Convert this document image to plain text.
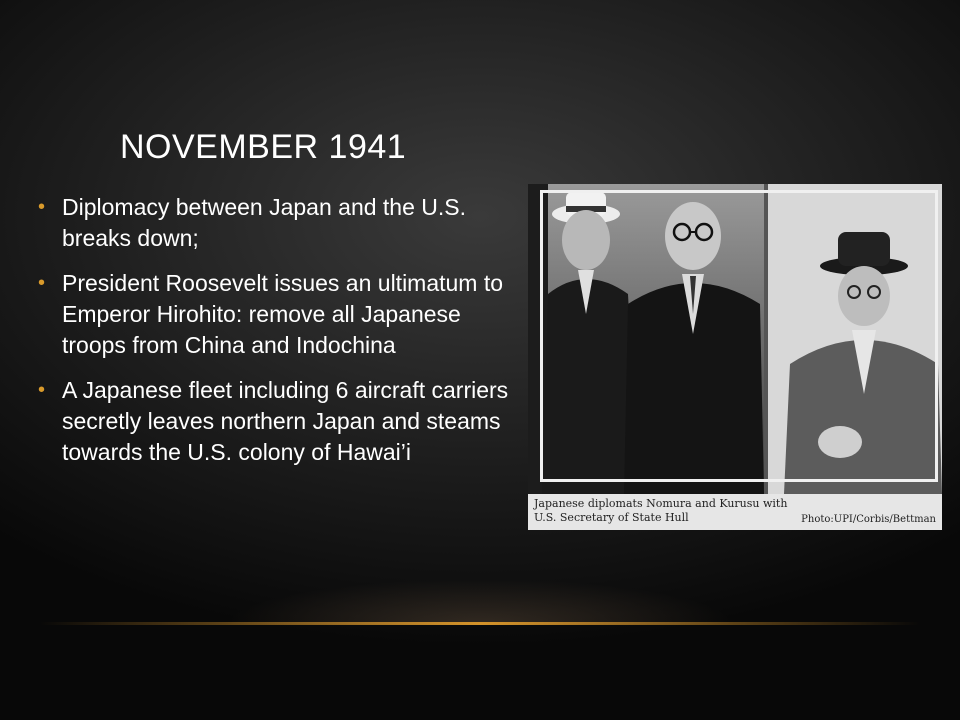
NOVEMBER 1941
• Diplomacy between Japan and the U.S. breaks down;
• President Roosevelt issues an ultimatum to Emperor Hirohito: remove all Japanese troops from China and Indochina
• A Japanese fleet including 6 aircraft carriers secretly leaves northern Japan and steams towards the U.S. colony of Hawai’i
Japanese diplomats Nomura and Kurusu with
U.S. Secretary of State Hull	Photo:UPI/Corbis/Bettman
